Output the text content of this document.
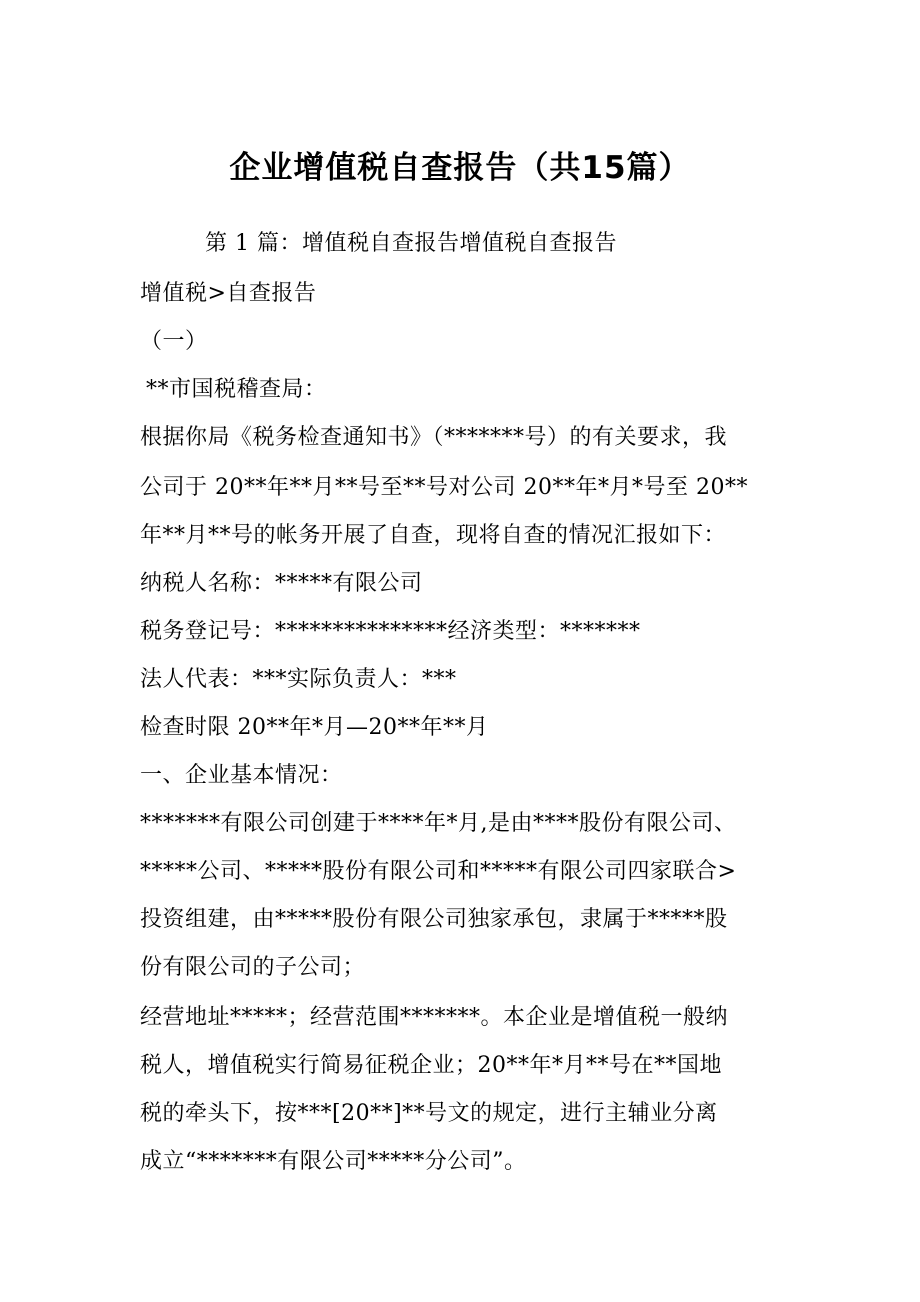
企业增值税自查报告（共15篇）
第 1 篇：增值税自查报告增值税自查报告
增值税>自查报告
（一）
**市国税稽查局：
根据你局《税务检查通知书》（*******号）的有关要求，我
公司于 20**年**月**号至**号对公司 20**年*月*号至 20**
年**月**号的帐务开展了自查，现将自查的情况汇报如下：
纳税人名称：*****有限公司
税务登记号：***************经济类型：*******
法人代表：***实际负责人：***
检查时限 20**年*月—20**年**月
一、企业基本情况：
*******有限公司创建于****年*月,是由****股份有限公司、
*****公司、*****股份有限公司和*****有限公司四家联合>
投资组建，由*****股份有限公司独家承包，隶属于*****股
份有限公司的子公司；
经营地址*****；经营范围*******。本企业是增值税一般纳
税人，增值税实行简易征税企业；20**年*月**号在**国地
税的牵头下，按***[20**]**号文的规定，进行主辅业分离
成立“*******有限公司*****分公司”。
